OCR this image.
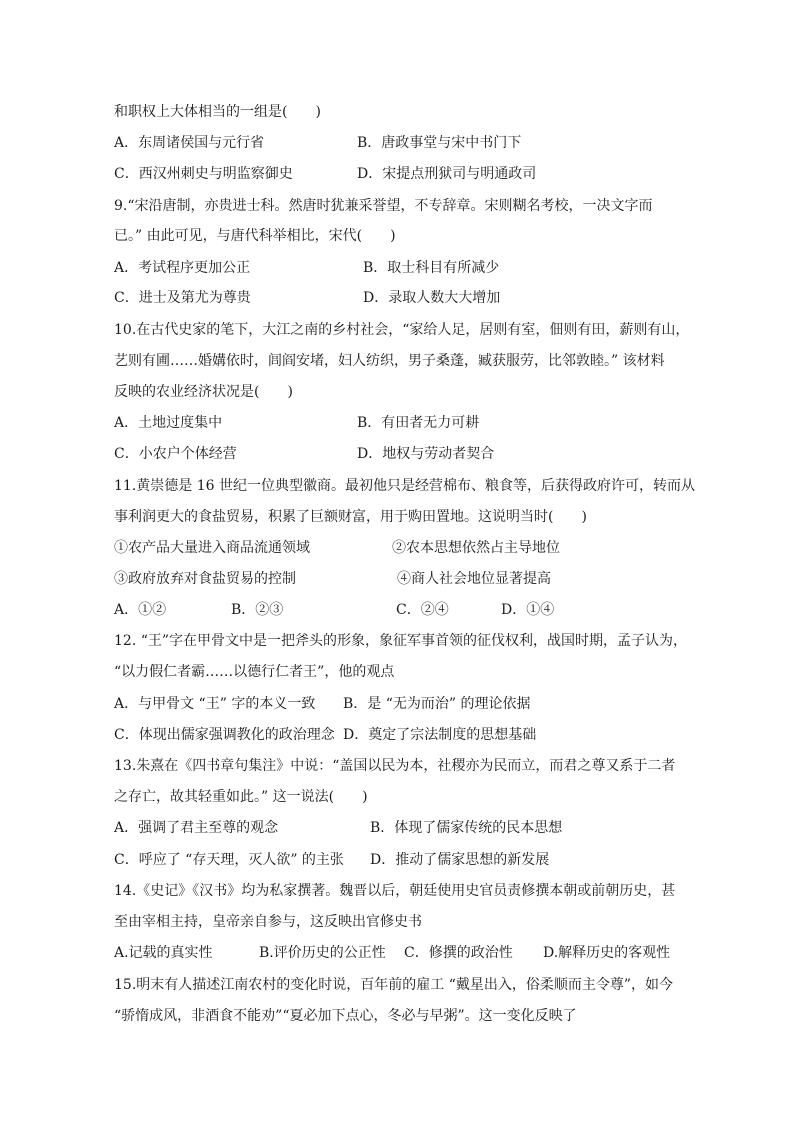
和职权上大体相当的一组是(　　)
A．东周诸侯国与元行省	B．唐政事堂与宋中书门下
C．西汉州刺史与明监察御史	D．宋提点刑狱司与明通政司
9.“宋沿唐制，亦贵进士科。然唐时犹兼采誉望，不专辞章。宋则糊名考校，一决文字而
已。” 由此可见，与唐代科举相比，宋代(　　)
A．考试程序更加公正	B．取士科目有所减少
C．进士及第尤为尊贵	D．录取人数大大增加
10.在古代史家的笔下，大江之南的乡村社会，“家给人足，居则有室，佃则有田，薪则有山，
艺则有圃……婚媾依时，闾阎安堵，妇人纺织，男子桑蓬，臧获服劳，比邻敦睦。” 该材料
反映的农业经济状况是(　　)
A．土地过度集中	B．有田者无力可耕
C．小农户个体经营	D．地权与劳动者契合
11.黄崇德是 16 世纪一位典型徽商。最初他只是经营棉布、粮食等，后获得政府许可，转而从
事利润更大的食盐贸易，积累了巨额财富，用于购田置地。这说明当时(　　)
①农产品大量进入商品流通领域	②农本思想依然占主导地位
③政府放弃对食盐贸易的控制	④商人社会地位显著提高
A．①②	B．②③	C．②④	D．①④
12. “王”字在甲骨文中是一把斧头的形象，象征军事首领的征伐权利，战国时期，孟子认为，
“以力假仁者霸……以德行仁者王”，他的观点
A．与甲骨文 “王” 字的本义一致 B．是 “无为而治” 的理论依据
C．体现出儒家强调教化的政治理念 D．奠定了宗法制度的思想基础
13.朱熹在《四书章句集注》中说：“盖国以民为本，社稷亦为民而立，而君之尊又系于二者
之存亡，故其轻重如此。” 这一说法(　　)
A．强调了君主至尊的观念	B．体现了儒家传统的民本思想
C．呼应了 “存天理，灭人欲” 的主张 D．推动了儒家思想的新发展
14.《史记》《汉书》均为私家撰著。魏晋以后，朝廷使用史官员责修撰本朝或前朝历史，甚
至由宰相主持，皇帝亲自参与，这反映出官修史书
A.记载的真实性	B.评价历史的公正性 C．修撰的政治性 D.解释历史的客观性
15.明末有人描述江南农村的变化时说，百年前的雇工 “戴星出入，俗柔顺而主令尊”，如今
“骄惰成风，非酒食不能劝”“夏必加下点心，冬必与早粥”。这一变化反映了
